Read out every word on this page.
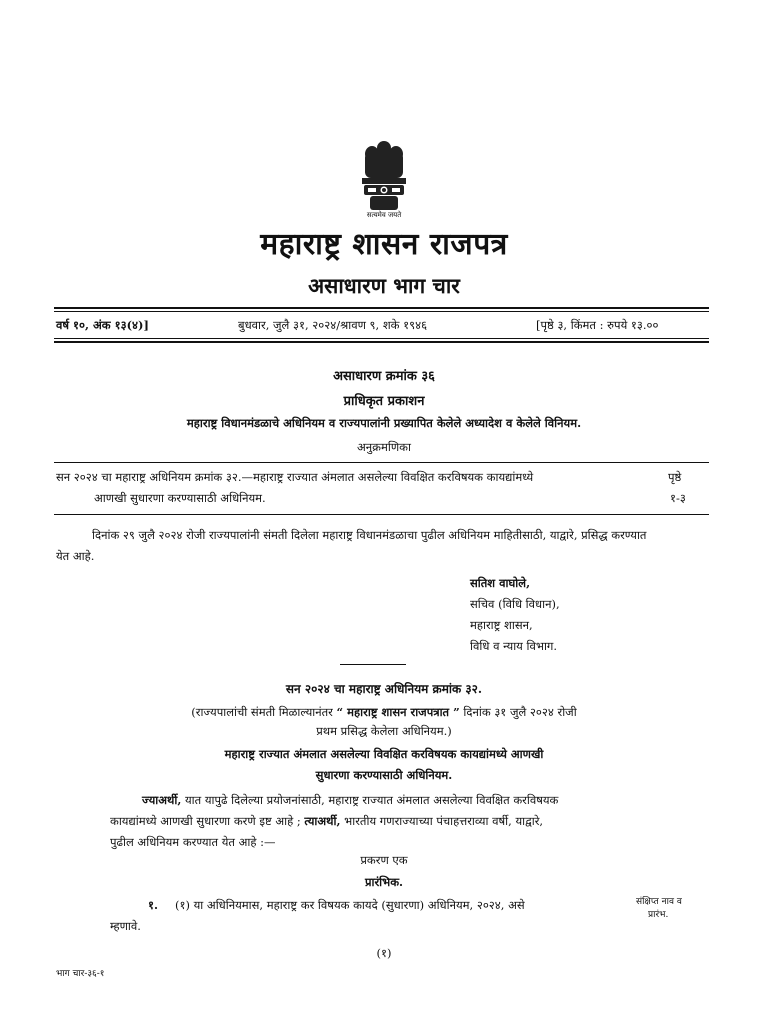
सत्यमेव जयते
महाराष्ट्र शासन राजपत्र
असाधारण भाग चार
वर्ष १०, अंक १३(४)]	बुधवार, जुलै ३१, २०२४/श्रावण ९, शके १९४६	[पृष्ठे ३, किंमत : रुपये १३.००
असाधारण क्रमांक ३६
प्राधिकृत प्रकाशन
महाराष्ट्र विधानमंडळाचे अधिनियम व राज्यपालांनी प्रख्यापित केलेले अध्यादेश व केलेले विनियम.
अनुक्रमणिका
सन २०२४ चा महाराष्ट्र अधिनियम क्रमांक ३२.—महाराष्ट्र राज्यात अंमलात असलेल्या विवक्षित करविषयक कायद्यांमध्ये
आणखी सुधारणा करण्यासाठी अधिनियम.
पृष्ठे
१-३
दिनांक २९ जुलै २०२४ रोजी राज्यपालांनी संमती दिलेला महाराष्ट्र विधानमंडळाचा पुढील अधिनियम माहितीसाठी, याद्वारे, प्रसिद्ध करण्यात
येत आहे.
सतिश वाघोले,
सचिव (विधि विधान),
महाराष्ट्र शासन,
विधि व न्याय विभाग.
सन २०२४ चा महाराष्ट्र अधिनियम क्रमांक ३२.
(राज्यपालांची संमती मिळाल्यानंतर “ महाराष्ट्र शासन राजपत्रात ” दिनांक ३१ जुलै २०२४ रोजी
प्रथम प्रसिद्ध केलेला अधिनियम.)
महाराष्ट्र राज्यात अंमलात असलेल्या विवक्षित करविषयक कायद्यांमध्ये आणखी
सुधारणा करण्यासाठी अधिनियम.
ज्याअर्थी, यात यापुढे दिलेल्या प्रयोजनांसाठी, महाराष्ट्र राज्यात अंमलात असलेल्या विवक्षित करविषयक
कायद्यांमध्ये आणखी सुधारणा करणे इष्ट आहे ; त्याअर्थी, भारतीय गणराज्याच्या पंचाहत्तराव्या वर्षी, याद्वारे,
पुढील अधिनियम करण्यात येत आहे :—
प्रकरण एक
प्रारंभिक.
१. (१) या अधिनियमास, महाराष्ट्र कर विषयक कायदे (सुधारणा) अधिनियम, २०२४, असे
म्हणावे.
संक्षिप्त नाव व
प्रारंभ.
(१)
भाग चार-३६-१
